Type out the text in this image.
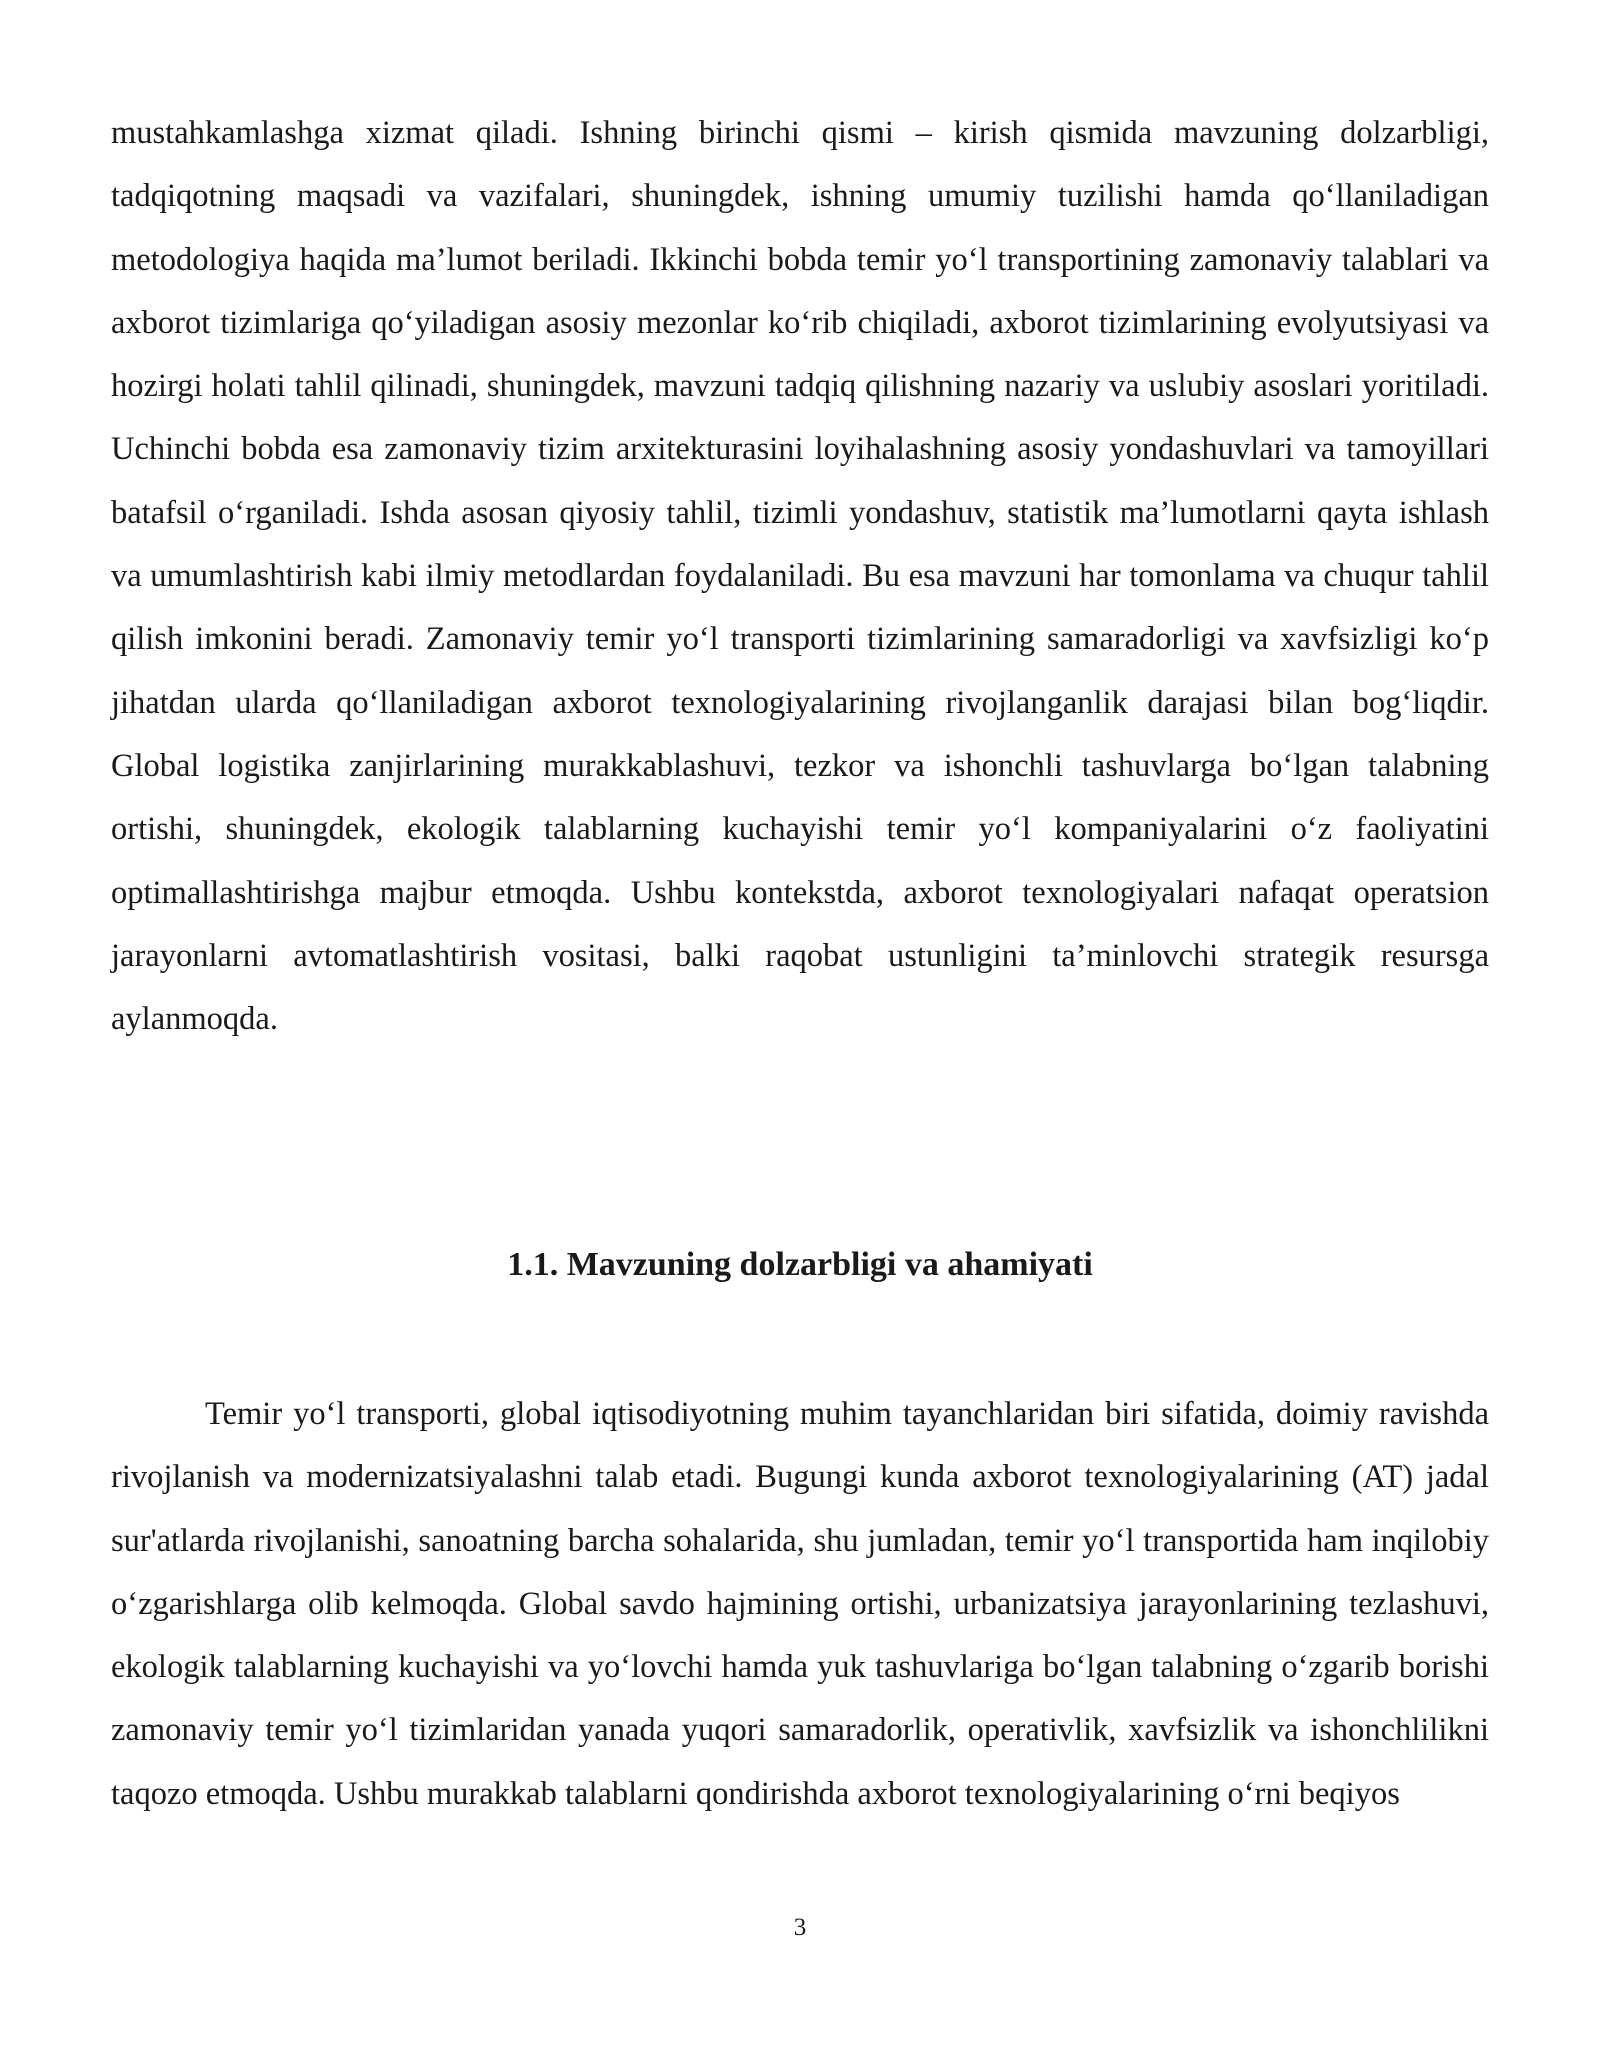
mustahkamlashga xizmat qiladi. Ishning birinchi qismi – kirish qismida mavzuning dolzarbligi, tadqiqotning maqsadi va vazifalari, shuningdek, ishning umumiy tuzilishi hamda qo‘llaniladigan metodologiya haqida ma’lumot beriladi. Ikkinchi bobda temir yo‘l transportining zamonaviy talablari va axborot tizimlariga qo‘yiladigan asosiy mezonlar ko‘rib chiqiladi, axborot tizimlarining evolyutsiyasi va hozirgi holati tahlil qilinadi, shuningdek, mavzuni tadqiq qilishning nazariy va uslubiy asoslari yoritiladi. Uchinchi bobda esa zamonaviy tizim arxitekturasini loyihalashning asosiy yondashuvlari va tamoyillari batafsil o‘rganiladi. Ishda asosan qiyosiy tahlil, tizimli yondashuv, statistik ma’lumotlarni qayta ishlash va umumlashtirish kabi ilmiy metodlardan foydalaniladi. Bu esa mavzuni har tomonlama va chuqur tahlil qilish imkonini beradi. Zamonaviy temir yo‘l transporti tizimlarining samaradorligi va xavfsizligi ko‘p jihatdan ularda qo‘llaniladigan axborot texnologiyalarining rivojlanganlik darajasi bilan bog‘liqdir. Global logistika zanjirlarining murakkablashuvi, tezkor va ishonchli tashuvlarga bo‘lgan talabning ortishi, shuningdek, ekologik talablarning kuchayishi temir yo‘l kompaniyalarini o‘z faoliyatini optimallashtirishga majbur etmoqda. Ushbu kontekstda, axborot texnologiyalari nafaqat operatsion jarayonlarni avtomatlashtirish vositasi, balki raqobat ustunligini ta’minlovchi strategik resursga aylanmoqda.

1.1. Mavzuning dolzarbligi va ahamiyati

Temir yo‘l transporti, global iqtisodiyotning muhim tayanchlaridan biri sifatida, doimiy ravishda rivojlanish va modernizatsiyalashni talab etadi. Bugungi kunda axborot texnologiyalarining (AT) jadal sur'atlarda rivojlanishi, sanoatning barcha sohalarida, shu jumladan, temir yo‘l transportida ham inqilobiy o‘zgarishlarga olib kelmoqda. Global savdo hajmining ortishi, urbanizatsiya jarayonlarining tezlashuvi, ekologik talablarning kuchayishi va yo‘lovchi hamda yuk tashuvlariga bo‘lgan talabning o‘zgarib borishi zamonaviy temir yo‘l tizimlaridan yanada yuqori samaradorlik, operativlik, xavfsizlik va ishonchlilikni taqozo etmoqda. Ushbu murakkab talablarni qondirishda axborot texnologiyalarining o‘rni beqiyos

3
